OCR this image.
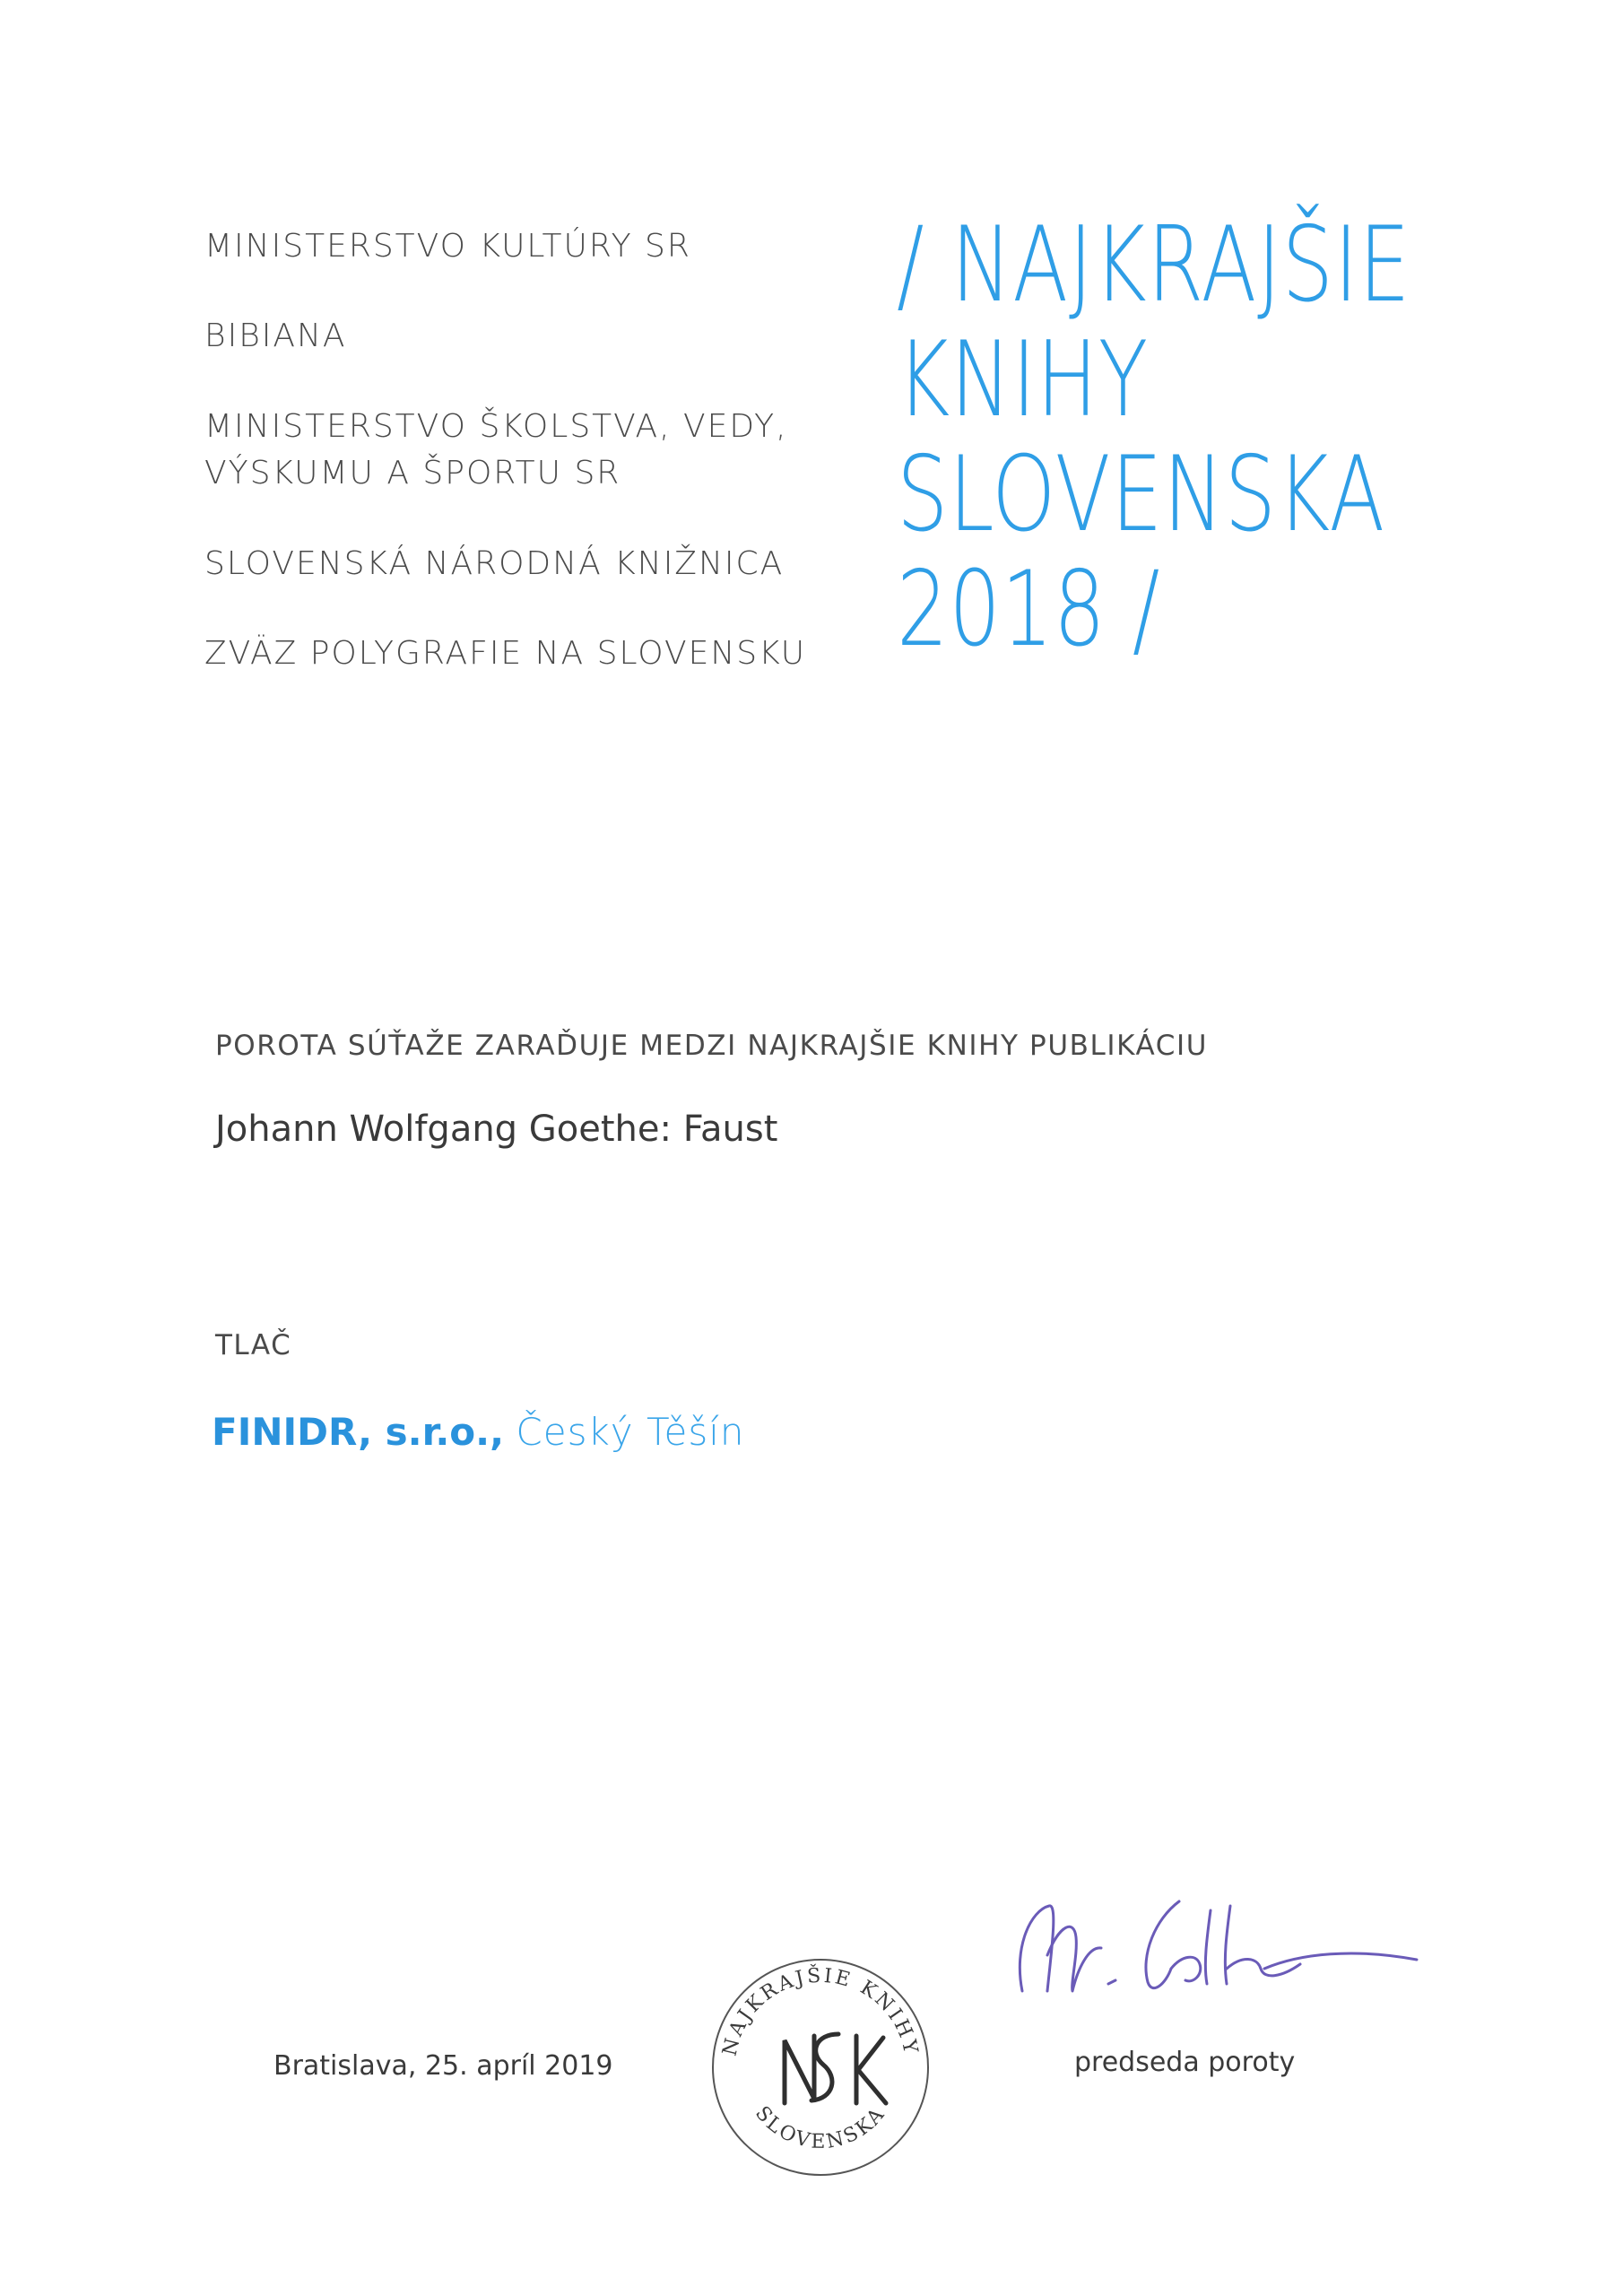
MINISTERSTVO KULTÚRY SR

BIBIANA

MINISTERSTVO ŠKOLSTVA, VEDY,
VÝSKUMU A ŠPORTU SR

SLOVENSKÁ NÁRODNÁ KNIŽNICA

ZVÄZ POLYGRAFIE NA SLOVENSKU

/ NAJKRAJŠIE
KNIHY
SLOVENSKA
2018 /
POROTA SÚŤAŽE ZARAĎUJE MEDZI NAJKRAJŠIE KNIHY PUBLIKÁCIU
Johann Wolfgang Goethe: Faust
TLAČ
FINIDR, s.r.o., Český Těšín
Bratislava, 25. apríl 2019
NAJKRAJŠIE KNIHY
SLOVENSKA
predseda poroty
